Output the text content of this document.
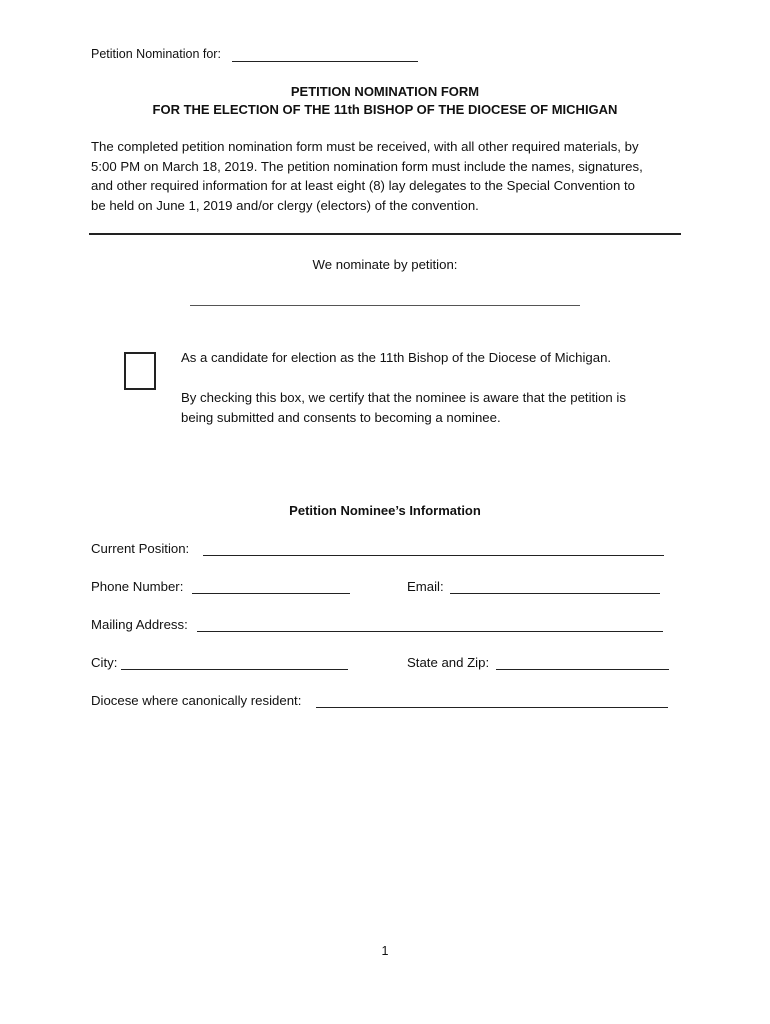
Petition Nomination for:
PETITION NOMINATION FORM
FOR THE ELECTION OF THE 11th BISHOP OF THE DIOCESE OF MICHIGAN
The completed petition nomination form must be received, with all other required materials, by
5:00 PM on March 18, 2019. The petition nomination form must include the names, signatures,
and other required information for at least eight (8) lay delegates to the Special Convention to
be held on June 1, 2019 and/or clergy (electors) of the convention.
We nominate by petition:
As a candidate for election as the 11th Bishop of the Diocese of Michigan.
By checking this box, we certify that the nominee is aware that the petition is
being submitted and consents to becoming a nominee.
Petition Nominee’s Information
Current Position:
Phone Number:	Email:
Mailing Address:
City:	State and Zip:
Diocese where canonically resident:
1
